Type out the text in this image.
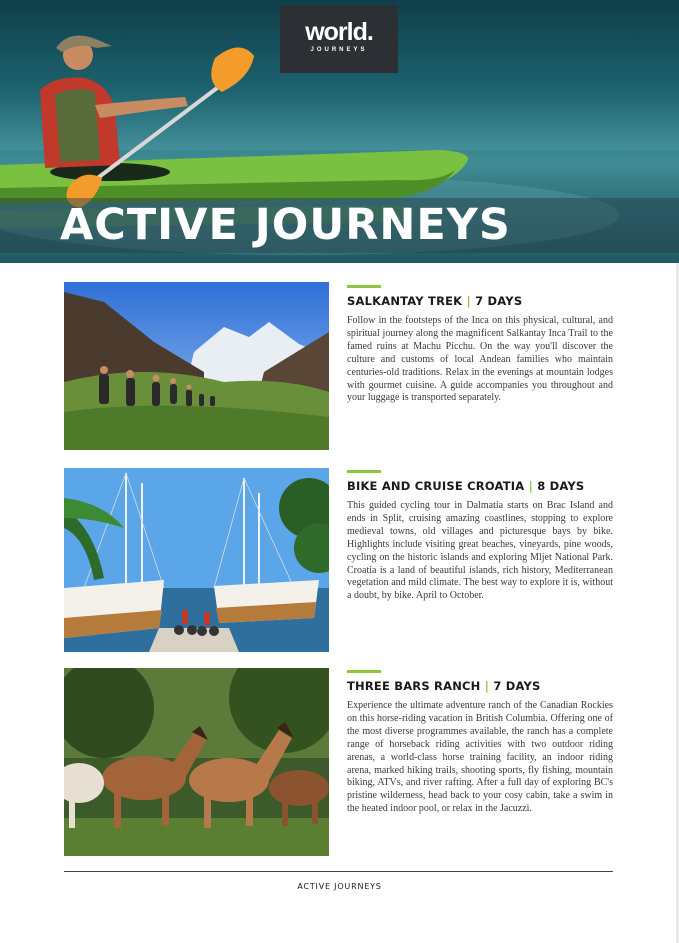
world.
JOURNEYS
ACTIVE JOURNEYS
SALKANTAY TREK | 7 DAYS
Follow in the footsteps of the Inca on this physical, cultural, and spiritual journey along the magnificent Salkantay Inca Trail to the famed ruins at Machu Picchu. On the way you'll discover the culture and customs of local Andean families who maintain centuries-old traditions. Relax in the evenings at mountain lodges with gourmet cuisine. A guide accompanies you throughout and your luggage is transported separately.
BIKE AND CRUISE CROATIA | 8 DAYS
This guided cycling tour in Dalmatia starts on Brac Island and ends in Split, cruising amazing coastlines, stopping to explore medieval towns, old villages and picturesque bays by bike. Highlights include visiting great beaches, vineyards, pine woods, cycling on the historic islands and exploring Mljet National Park. Croatia is a land of beautiful islands, rich history, Mediterranean vegetation and mild climate. The best way to explore it is, without a doubt, by bike. April to October.
THREE BARS RANCH | 7 DAYS
Experience the ultimate adventure ranch of the Canadian Rockies on this horse-riding vacation in British Columbia. Offering one of the most diverse programmes available, the ranch has a complete range of horseback riding activities with two outdoor riding arenas, a world-class horse training facility, an indoor riding arena, marked hiking trails, shooting sports, fly fishing, mountain biking, ATVs, and river rafting. After a full day of exploring BC's pristine wilderness, head back to your cosy cabin, take a swim in the heated indoor pool, or relax in the Jacuzzi.
ACTIVE JOURNEYS
